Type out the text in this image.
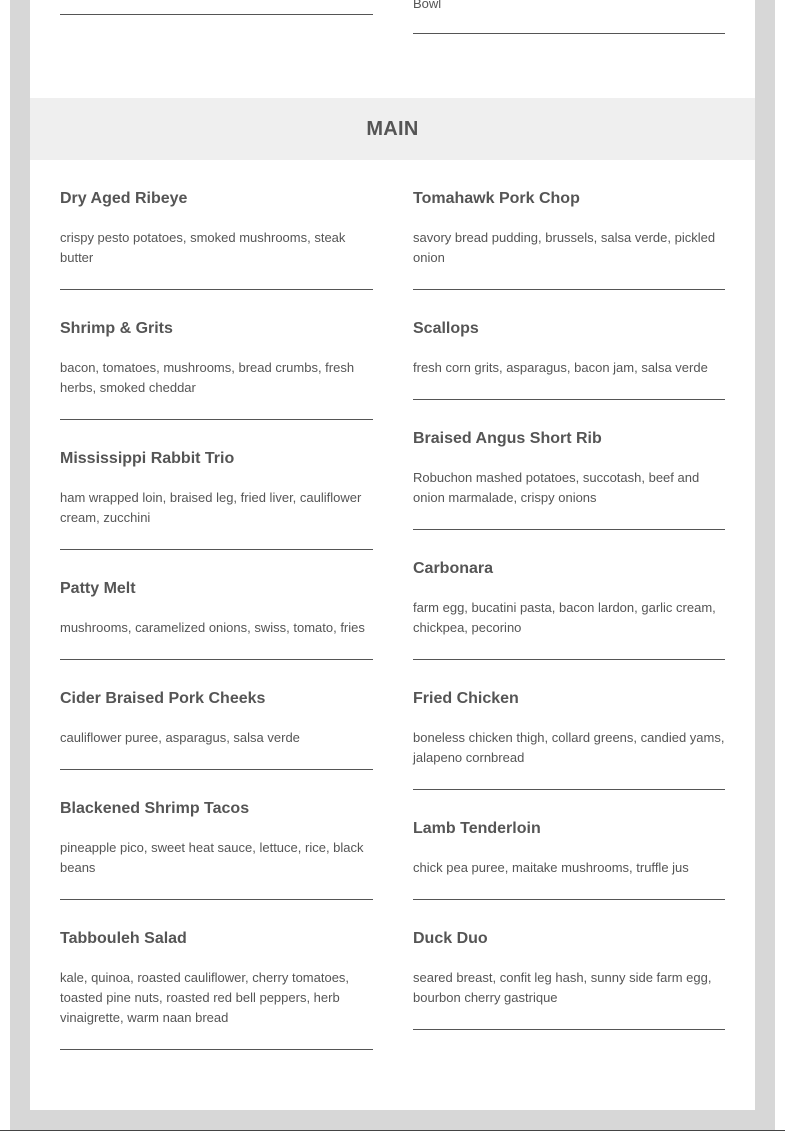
Bowl
MAIN
Dry Aged Ribeye
crispy pesto potatoes, smoked mushrooms, steak butter
Shrimp & Grits
bacon, tomatoes, mushrooms, bread crumbs, fresh herbs, smoked cheddar
Mississippi Rabbit Trio
ham wrapped loin, braised leg, fried liver, cauliflower cream, zucchini
Patty Melt
mushrooms, caramelized onions, swiss, tomato, fries
Cider Braised Pork Cheeks
cauliflower puree, asparagus, salsa verde
Blackened Shrimp Tacos
pineapple pico, sweet heat sauce, lettuce, rice, black beans
Tabbouleh Salad
kale, quinoa, roasted cauliflower, cherry tomatoes, toasted pine nuts, roasted red bell peppers, herb vinaigrette, warm naan bread
Tomahawk Pork Chop
savory bread pudding, brussels, salsa verde, pickled onion
Scallops
fresh corn grits, asparagus, bacon jam, salsa verde
Braised Angus Short Rib
Robuchon mashed potatoes, succotash, beef and onion marmalade, crispy onions
Carbonara
farm egg, bucatini pasta, bacon lardon, garlic cream, chickpea, pecorino
Fried Chicken
boneless chicken thigh, collard greens, candied yams, jalapeno cornbread
Lamb Tenderloin
chick pea puree, maitake mushrooms, truffle jus
Duck Duo
seared breast, confit leg hash, sunny side farm egg, bourbon cherry gastrique
